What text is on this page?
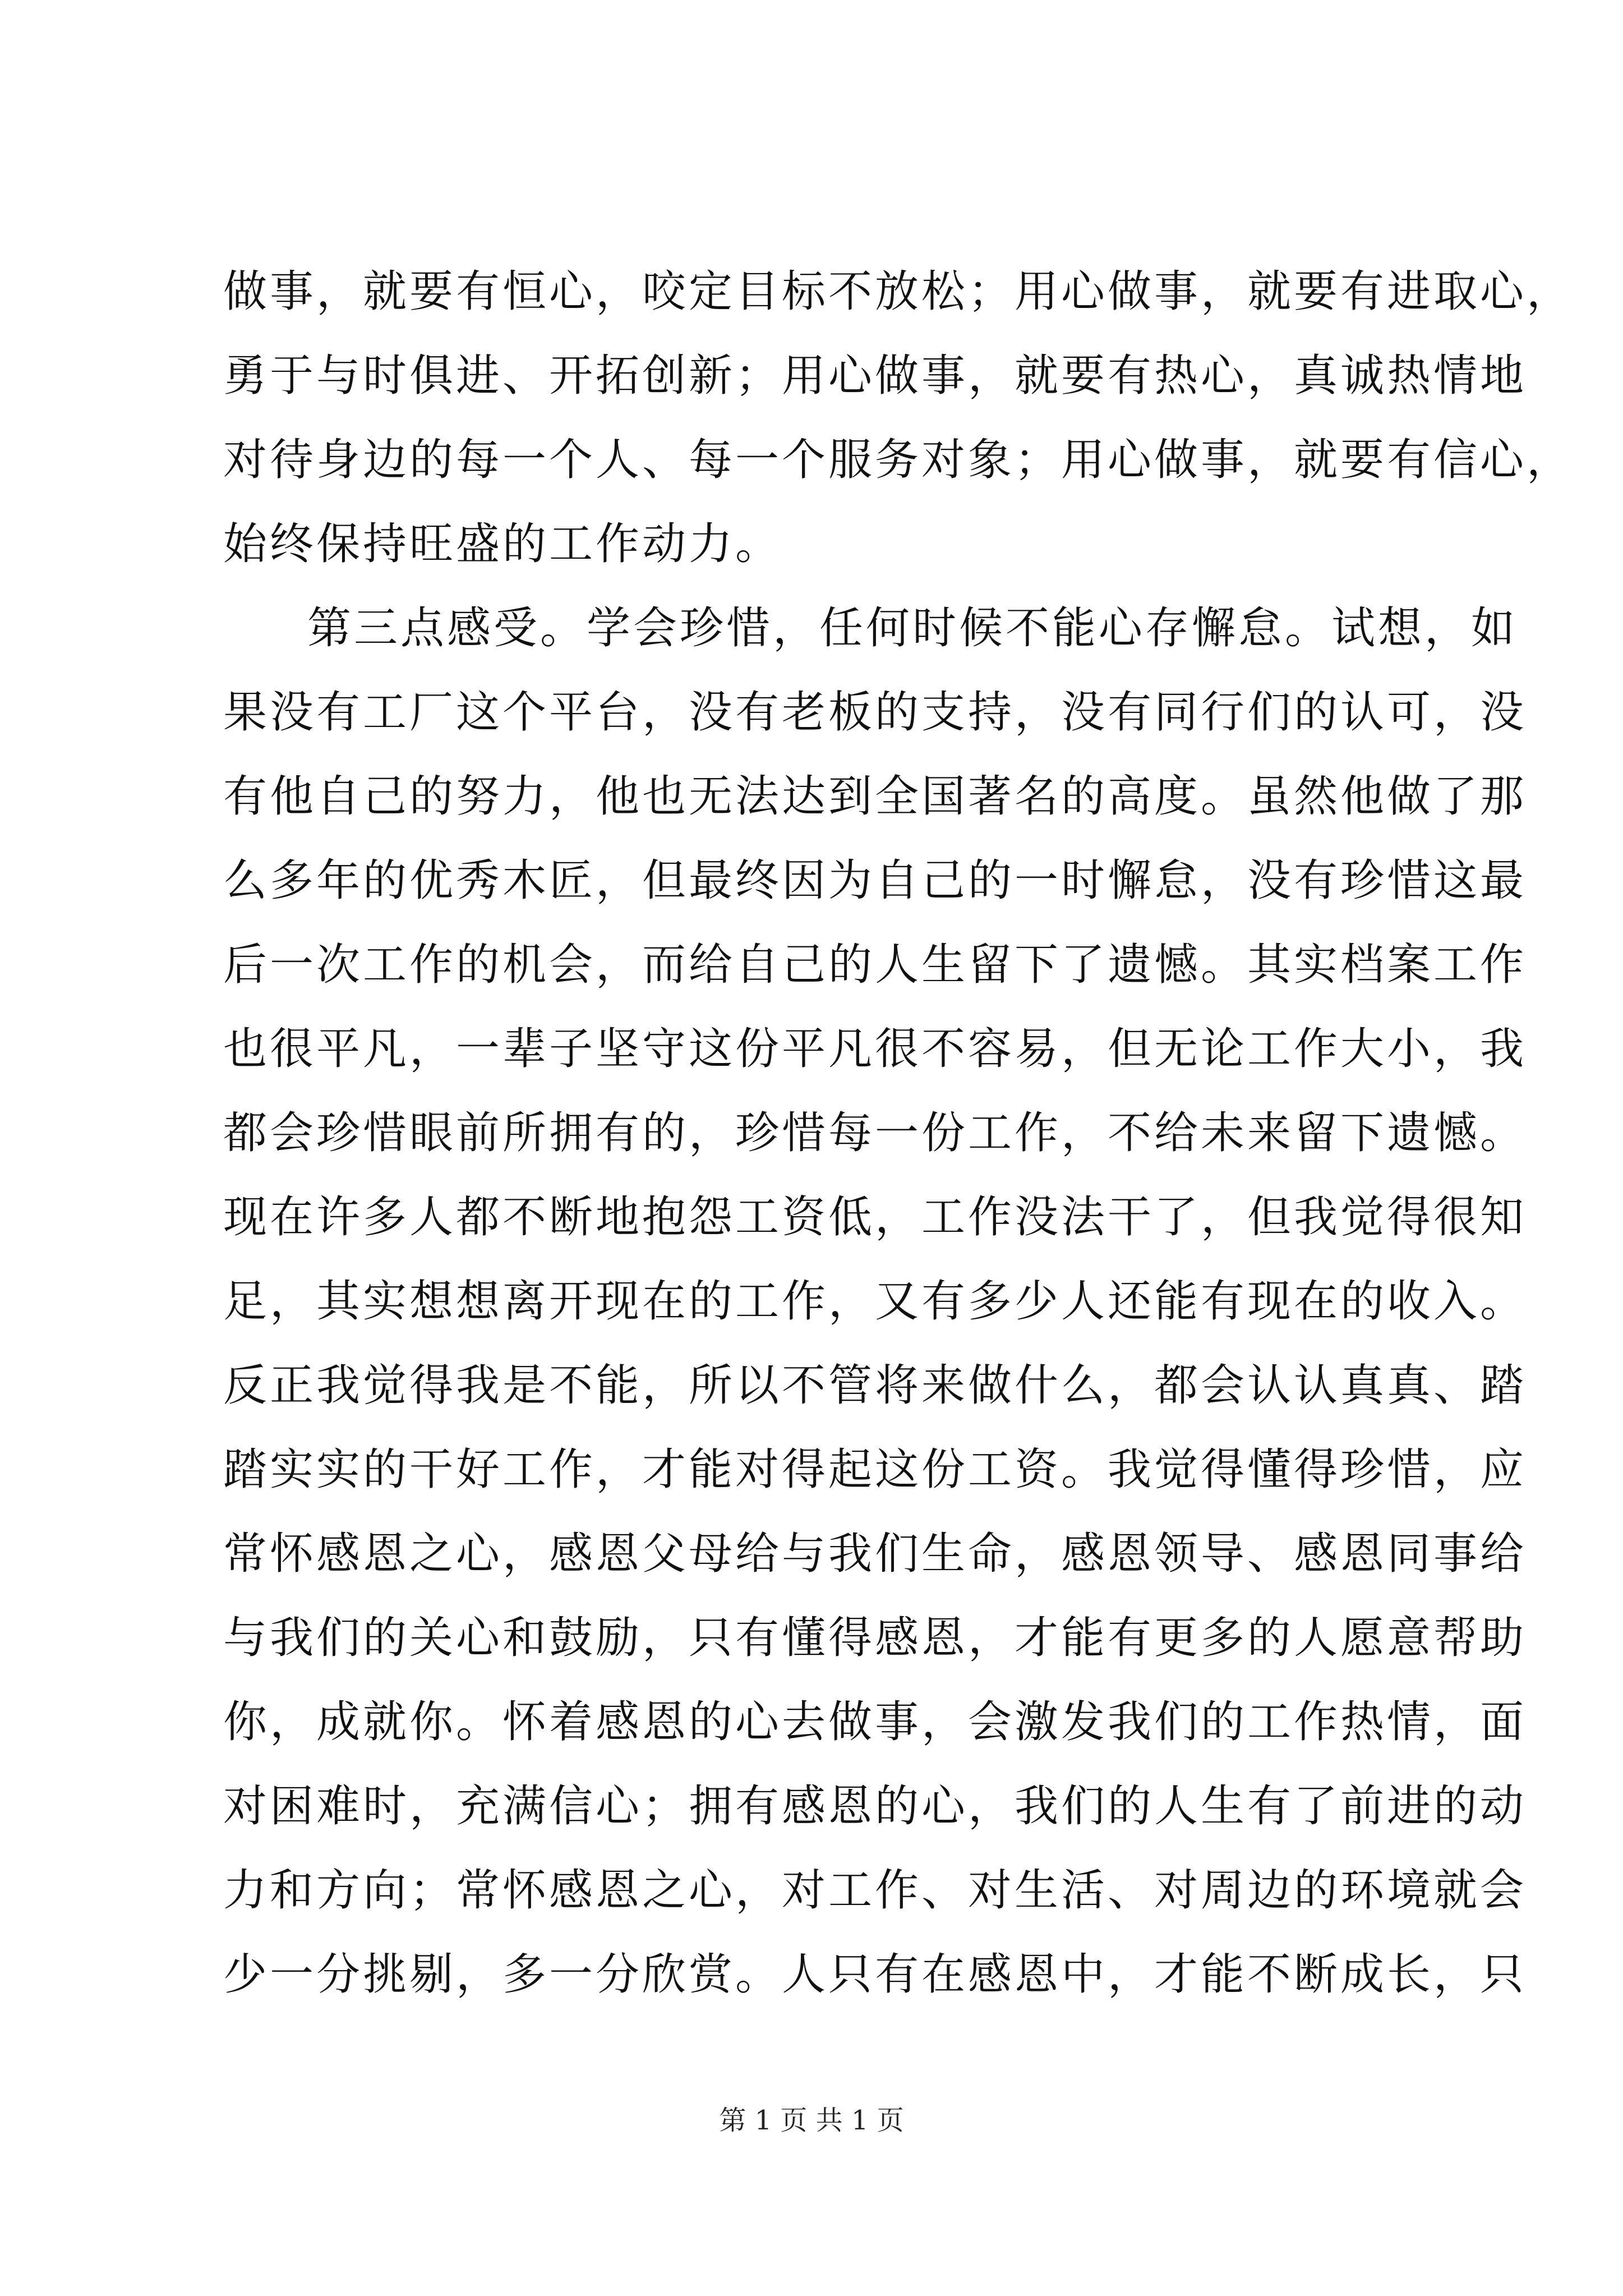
做事，就要有恒心，咬定目标不放松；用心做事，就要有进取心，
勇于与时俱进、开拓创新；用心做事，就要有热心，真诚热情地
对待身边的每一个人、每一个服务对象；用心做事，就要有信心，
始终保持旺盛的工作动力。
第三点感受。学会珍惜，任何时候不能心存懈怠。试想，如
果没有工厂这个平台，没有老板的支持，没有同行们的认可，没
有他自己的努力，他也无法达到全国著名的高度。虽然他做了那
么多年的优秀木匠，但最终因为自己的一时懈怠，没有珍惜这最
后一次工作的机会，而给自己的人生留下了遗憾。其实档案工作
也很平凡，一辈子坚守这份平凡很不容易，但无论工作大小，我
都会珍惜眼前所拥有的，珍惜每一份工作，不给未来留下遗憾。
现在许多人都不断地抱怨工资低，工作没法干了，但我觉得很知
足，其实想想离开现在的工作，又有多少人还能有现在的收入。
反正我觉得我是不能，所以不管将来做什么，都会认认真真、踏
踏实实的干好工作，才能对得起这份工资。我觉得懂得珍惜，应
常怀感恩之心，感恩父母给与我们生命，感恩领导、感恩同事给
与我们的关心和鼓励，只有懂得感恩，才能有更多的人愿意帮助
你，成就你。怀着感恩的心去做事，会激发我们的工作热情，面
对困难时，充满信心；拥有感恩的心，我们的人生有了前进的动
力和方向；常怀感恩之心，对工作、对生活、对周边的环境就会
少一分挑剔，多一分欣赏。人只有在感恩中，才能不断成长，只
第 1 页 共 1 页
